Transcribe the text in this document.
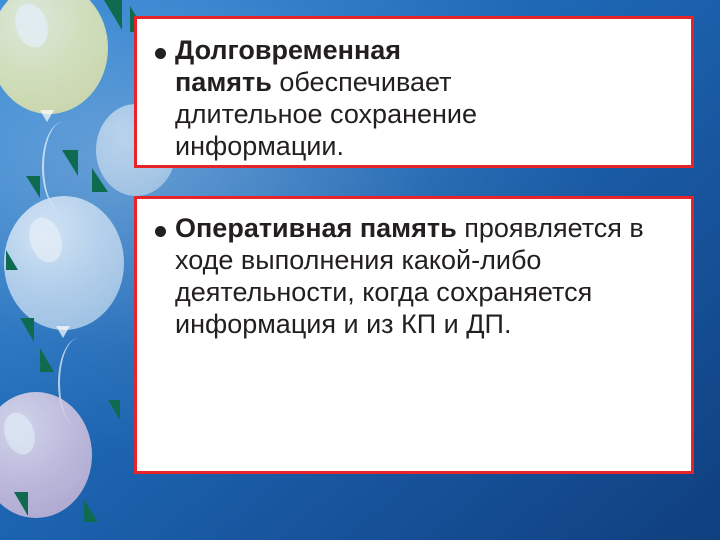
Долговременная память обеспечивает длительное сохранение информации.
Оперативная память проявляется в ходе выполнения какой-либо деятельности, когда сохраняется информация и из КП и ДП.
